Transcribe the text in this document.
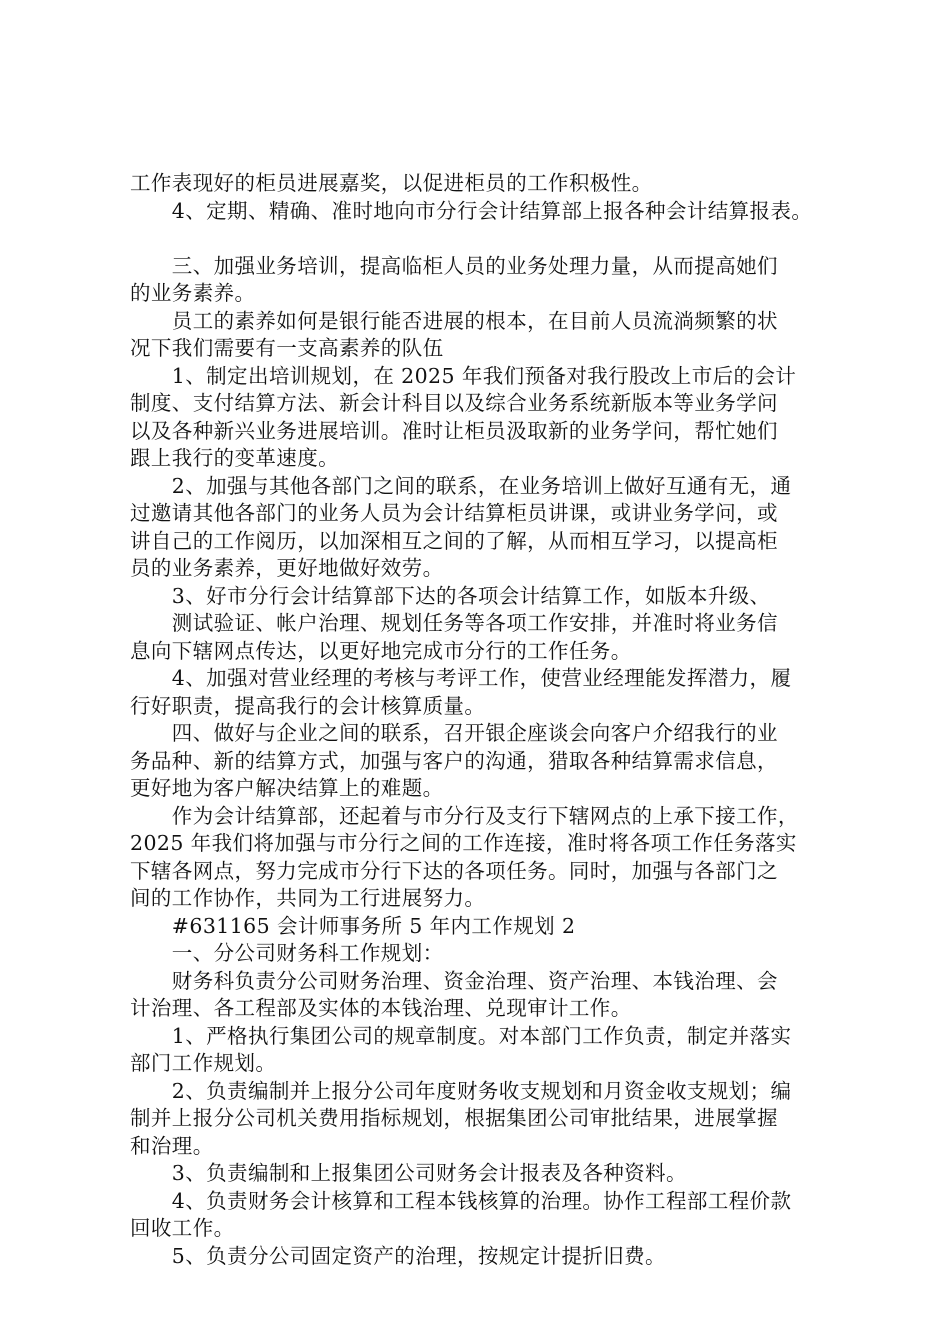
工作表现好的柜员进展嘉奖，以促进柜员的工作积极性。
　　4、定期、精确、准时地向市分行会计结算部上报各种会计结算报表。
　　三、加强业务培训，提高临柜人员的业务处理力量，从而提高她们
的业务素养。
　　员工的素养如何是银行能否进展的根本，在目前人员流淌频繁的状
况下我们需要有一支高素养的队伍
　　1、制定出培训规划，在 2025 年我们预备对我行股改上市后的会计
制度、支付结算方法、新会计科目以及综合业务系统新版本等业务学问
以及各种新兴业务进展培训。准时让柜员汲取新的业务学问，帮忙她们
跟上我行的变革速度。
　　2、加强与其他各部门之间的联系，在业务培训上做好互通有无，通
过邀请其他各部门的业务人员为会计结算柜员讲课，或讲业务学问，或
讲自己的工作阅历，以加深相互之间的了解，从而相互学习，以提高柜
员的业务素养，更好地做好效劳。
　　3、好市分行会计结算部下达的各项会计结算工作，如版本升级、
　　测试验证、帐户治理、规划任务等各项工作安排，并准时将业务信
息向下辖网点传达，以更好地完成市分行的工作任务。
　　4、加强对营业经理的考核与考评工作，使营业经理能发挥潜力，履
行好职责，提高我行的会计核算质量。
　　四、做好与企业之间的联系，召开银企座谈会向客户介绍我行的业
务品种、新的结算方式，加强与客户的沟通，猎取各种结算需求信息，
更好地为客户解决结算上的难题。
　　作为会计结算部，还起着与市分行及支行下辖网点的上承下接工作，
2025 年我们将加强与市分行之间的工作连接，准时将各项工作任务落实
下辖各网点，努力完成市分行下达的各项任务。同时，加强与各部门之
间的工作协作，共同为工行进展努力。
　　#631165 会计师事务所 5 年内工作规划 2
　　一、分公司财务科工作规划：
　　财务科负责分公司财务治理、资金治理、资产治理、本钱治理、会
计治理、各工程部及实体的本钱治理、兑现审计工作。
　　1、严格执行集团公司的规章制度。对本部门工作负责，制定并落实
部门工作规划。
　　2、负责编制并上报分公司年度财务收支规划和月资金收支规划；编
制并上报分公司机关费用指标规划，根据集团公司审批结果，进展掌握
和治理。
　　3、负责编制和上报集团公司财务会计报表及各种资料。
　　4、负责财务会计核算和工程本钱核算的治理。协作工程部工程价款
回收工作。
　　5、负责分公司固定资产的治理，按规定计提折旧费。
